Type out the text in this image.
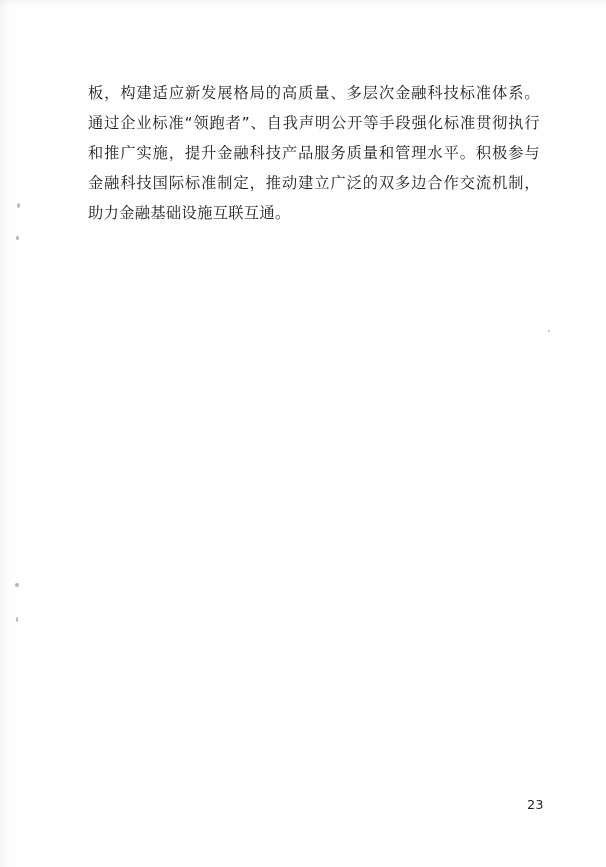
板，构建适应新发展格局的高质量、多层次金融科技标准体系。通过企业标准“领跑者”、自我声明公开等手段强化标准贯彻执行和推广实施，提升金融科技产品服务质量和管理水平。积极参与金融科技国际标准制定，推动建立广泛的双多边合作交流机制，助力金融基础设施互联互通。

23
